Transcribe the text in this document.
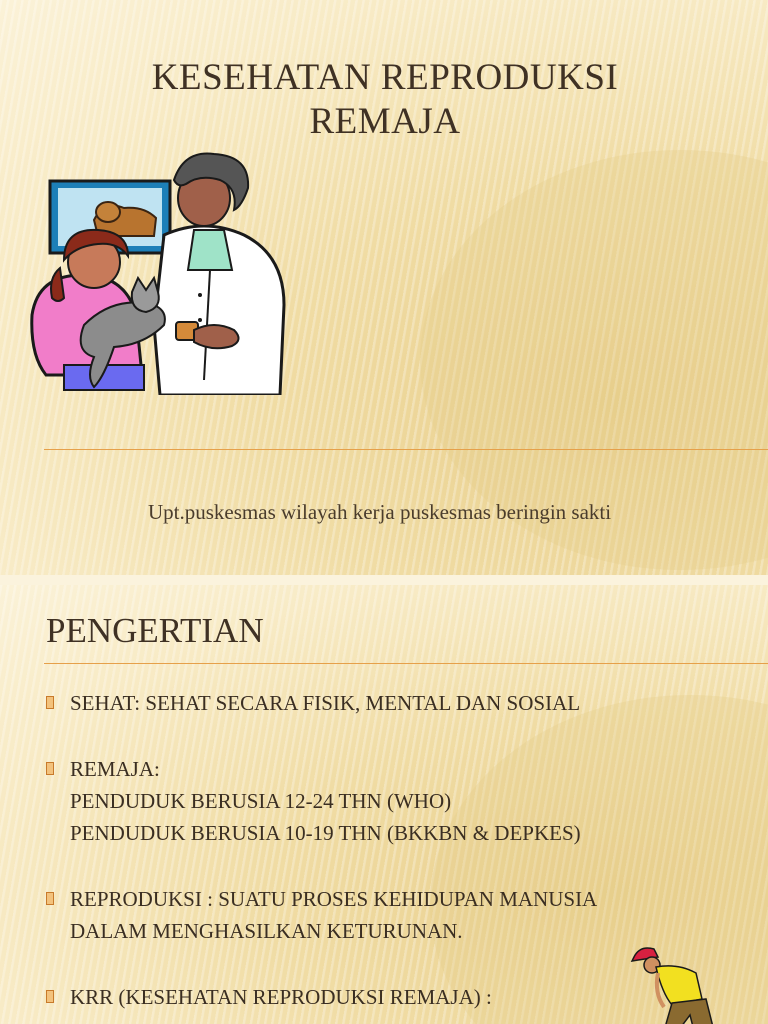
KESEHATAN REPRODUKSI
REMAJA
Upt.puskesmas wilayah kerja puskesmas beringin sakti
PENGERTIAN
SEHAT: SEHAT SECARA FISIK, MENTAL DAN SOSIAL
REMAJA:
PENDUDUK BERUSIA 12-24 THN (WHO)
PENDUDUK BERUSIA 10-19 THN (BKKBN & DEPKES)
REPRODUKSI : SUATU PROSES KEHIDUPAN MANUSIA
DALAM MENGHASILKAN KETURUNAN.
KRR (KESEHATAN REPRODUKSI REMAJA) :
